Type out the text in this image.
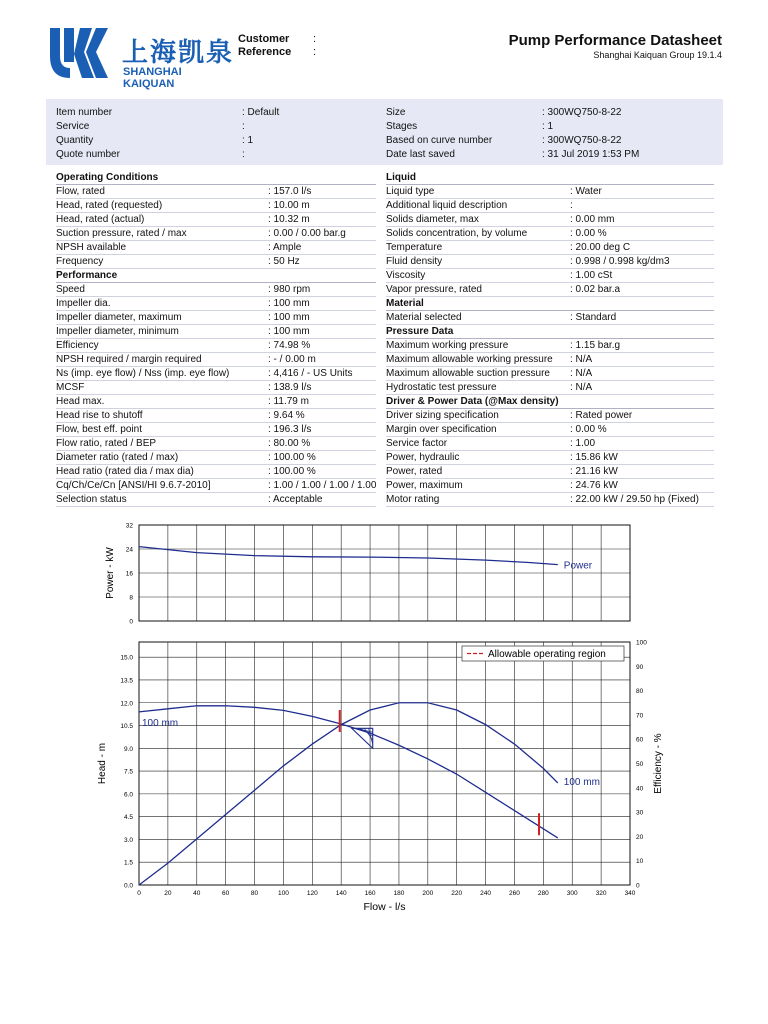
上海凯泉
SHANGHAI KAIQUAN
Customer
Reference
:
:
Pump Performance Datasheet
Shanghai Kaiquan Group 19.1.4
0
8
16
24
32
Power - kW	Power
0	20	40	60	80	100	120	140	160	180	200	220	240	260	280	300	320	340
0.0
1.5
3.0
4.5
6.0
7.5
9.0
10.5
12.0
13.5
15.0
0
10
20
30
40
50
60
70
80
90
100
Head - m	Efficiency - %
Flow - l/s
Allowable operating region
100 mm
100 mm
Item number	: Default
Service	:
Quantity	: 1
Quote number	:
Size	: 300WQ750-8-22
Stages	: 1
Based on curve number	: 300WQ750-8-22
Date last saved	: 31 Jul 2019 1:53 PM
Operating Conditions
Flow, rated	: 157.0 l/s
Head, rated (requested)	: 10.00 m
Head, rated (actual)	: 10.32 m
Suction pressure, rated / max	: 0.00 / 0.00 bar.g
NPSH available	: Ample
Frequency	: 50 Hz
Performance
Speed	: 980 rpm
Impeller dia.	: 100 mm
Impeller diameter, maximum	: 100 mm
Impeller diameter, minimum	: 100 mm
Efficiency	: 74.98 %
NPSH required / margin required	: - / 0.00 m
Ns (imp. eye flow) / Nss (imp. eye flow)	: 4,416 / - US Units
MCSF	: 138.9 l/s
Head max.	: 11.79 m
Head rise to shutoff	: 9.64 %
Flow, best eff. point	: 196.3 l/s
Flow ratio, rated / BEP	: 80.00 %
Diameter ratio (rated / max)	: 100.00 %
Head ratio (rated dia / max dia)	: 100.00 %
Cq/Ch/Ce/Cn [ANSI/HI 9.6.7-2010]	: 1.00 / 1.00 / 1.00 / 1.00
Selection status	: Acceptable
Liquid
Liquid type	: Water
Additional liquid description	:
Solids diameter, max	: 0.00 mm
Solids concentration, by volume	: 0.00 %
Temperature	: 20.00 deg C
Fluid density	: 0.998 / 0.998 kg/dm3
Viscosity	: 1.00 cSt
Vapor pressure, rated	: 0.02 bar.a
Material
Material selected	: Standard
Pressure Data
Maximum working pressure	: 1.15 bar.g
Maximum allowable working pressure : N/A
Maximum allowable suction pressure : N/A
Hydrostatic test pressure	: N/A
Driver & Power Data (@Max density)
Driver sizing specification	: Rated power
Margin over specification	: 0.00 %
Service factor	: 1.00
Power, hydraulic	: 15.86 kW
Power, rated	: 21.16 kW
Power, maximum	: 24.76 kW
Motor rating	: 22.00 kW / 29.50 hp (Fixed)
